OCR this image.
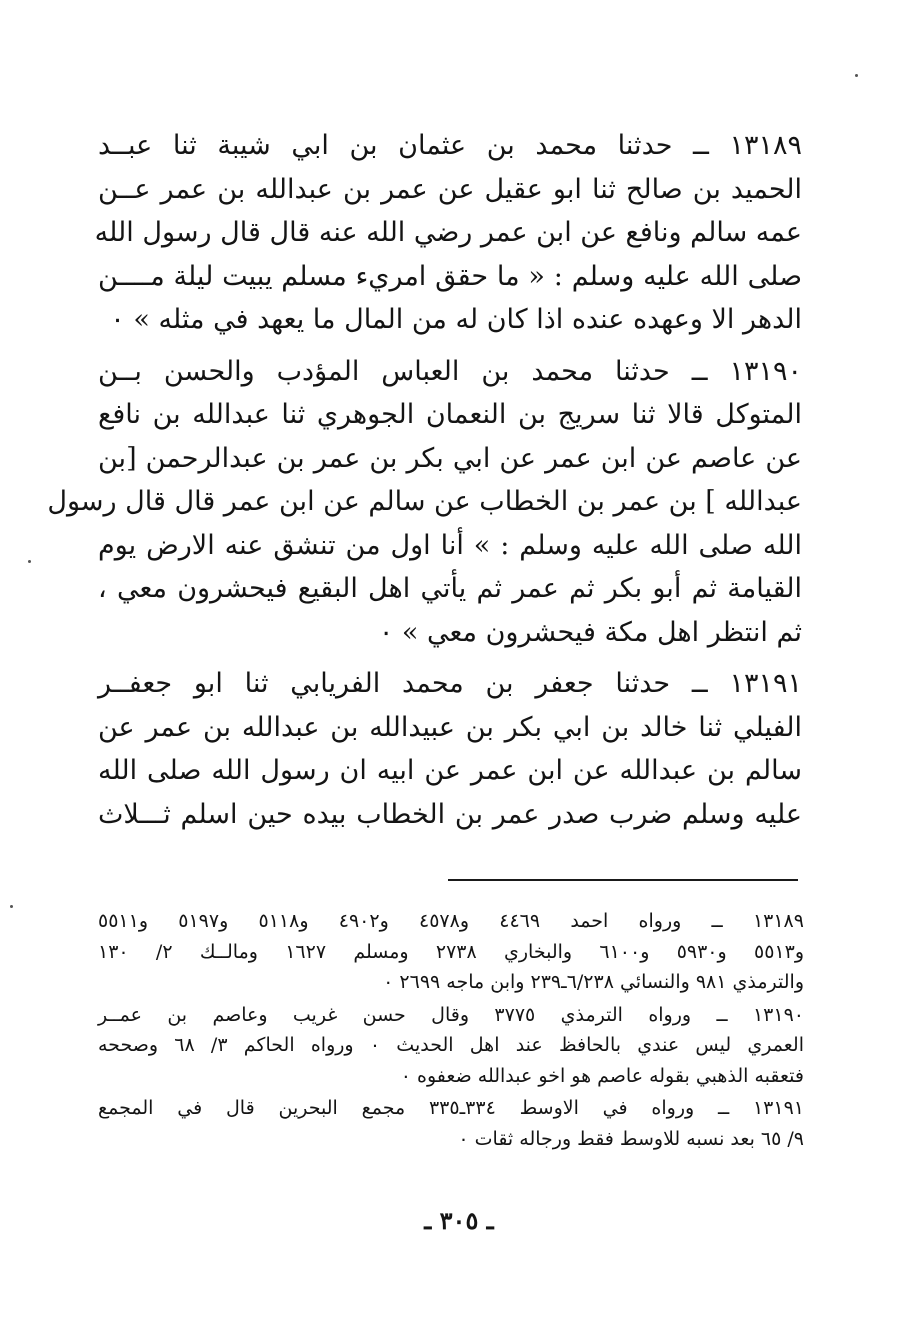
١٣١٨٩ ــ حدثنا محمد بن عثمان بن ابي شيبة ثنا عبــد
الحميد بن صالح ثنا ابو عقيل عن عمر بن عبدالله بن عمر عــن
عمه سالم ونافع عن ابن عمر رضي الله عنه قال قال رسول الله
صلى الله عليه وسلم : « ما حقق امريء مسلم يبيت ليلة مــــن
الدهر الا وعهده عنده اذا كان له من المال ما يعهد في مثله » ٠
١٣١٩٠ ــ حدثنا محمد بن العباس المؤدب والحسن بــن
المتوكل قالا ثنا سريج بن النعمان الجوهري ثنا عبدالله بن نافع
عن عاصم عن ابن عمر عن ابي بكر بن عمر بن عبدالرحمن [بن
عبدالله ] بن عمر بن الخطاب عن سالم عن ابن عمر قال قال رسول
الله صلى الله عليه وسلم : » أنا اول من تنشق عنه الارض يوم
القيامة ثم أبو بكر ثم عمر ثم يأتي اهل البقيع فيحشرون معي ،
ثم انتظر اهل مكة فيحشرون معي » ٠
١٣١٩١ ــ حدثنا جعفر بن محمد الفريابي ثنا ابو جعفــر
الفيلي ثنا خالد بن ابي بكر بن عبيدالله بن عبدالله بن عمر عن
سالم بن عبدالله عن ابن عمر عن ابيه ان رسول الله صلى الله
عليه وسلم ضرب صدر عمر بن الخطاب بيده حين اسلم ثـــلاث
١٣١٨٩ ــ ورواه احمد ٤٤٦٩ و٤٥٧٨ و٤٩٠٢ و٥١١٨ و٥١٩٧ و٥٥١١
و٥٥١٣ و٥٩٣٠ و٦١٠٠ والبخاري ٢٧٣٨ ومسلم ١٦٢٧ ومالــك ٢/ ١٣٠
والترمذي ٩٨١ والنسائي ٦/٢٣٨ـ٢٣٩ وابن ماجه ٢٦٩٩ ٠
١٣١٩٠ ــ ورواه الترمذي ٣٧٧٥ وقال حسن غريب وعاصم بن عمــر
العمري ليس عندي بالحافظ عند اهل الحديث ٠ ورواه الحاكم ٣/ ٦٨ وصححه
فتعقبه الذهبي بقوله عاصم هو اخو عبدالله ضعفوه ٠
١٣١٩١ ــ ورواه في الاوسط ٣٣٤ـ٣٣٥ مجمع البحرين قال في المجمع
٩/ ٦٥ بعد نسبه للاوسط فقط ورجاله ثقات ٠
ـ ٣٠٥ ـ
